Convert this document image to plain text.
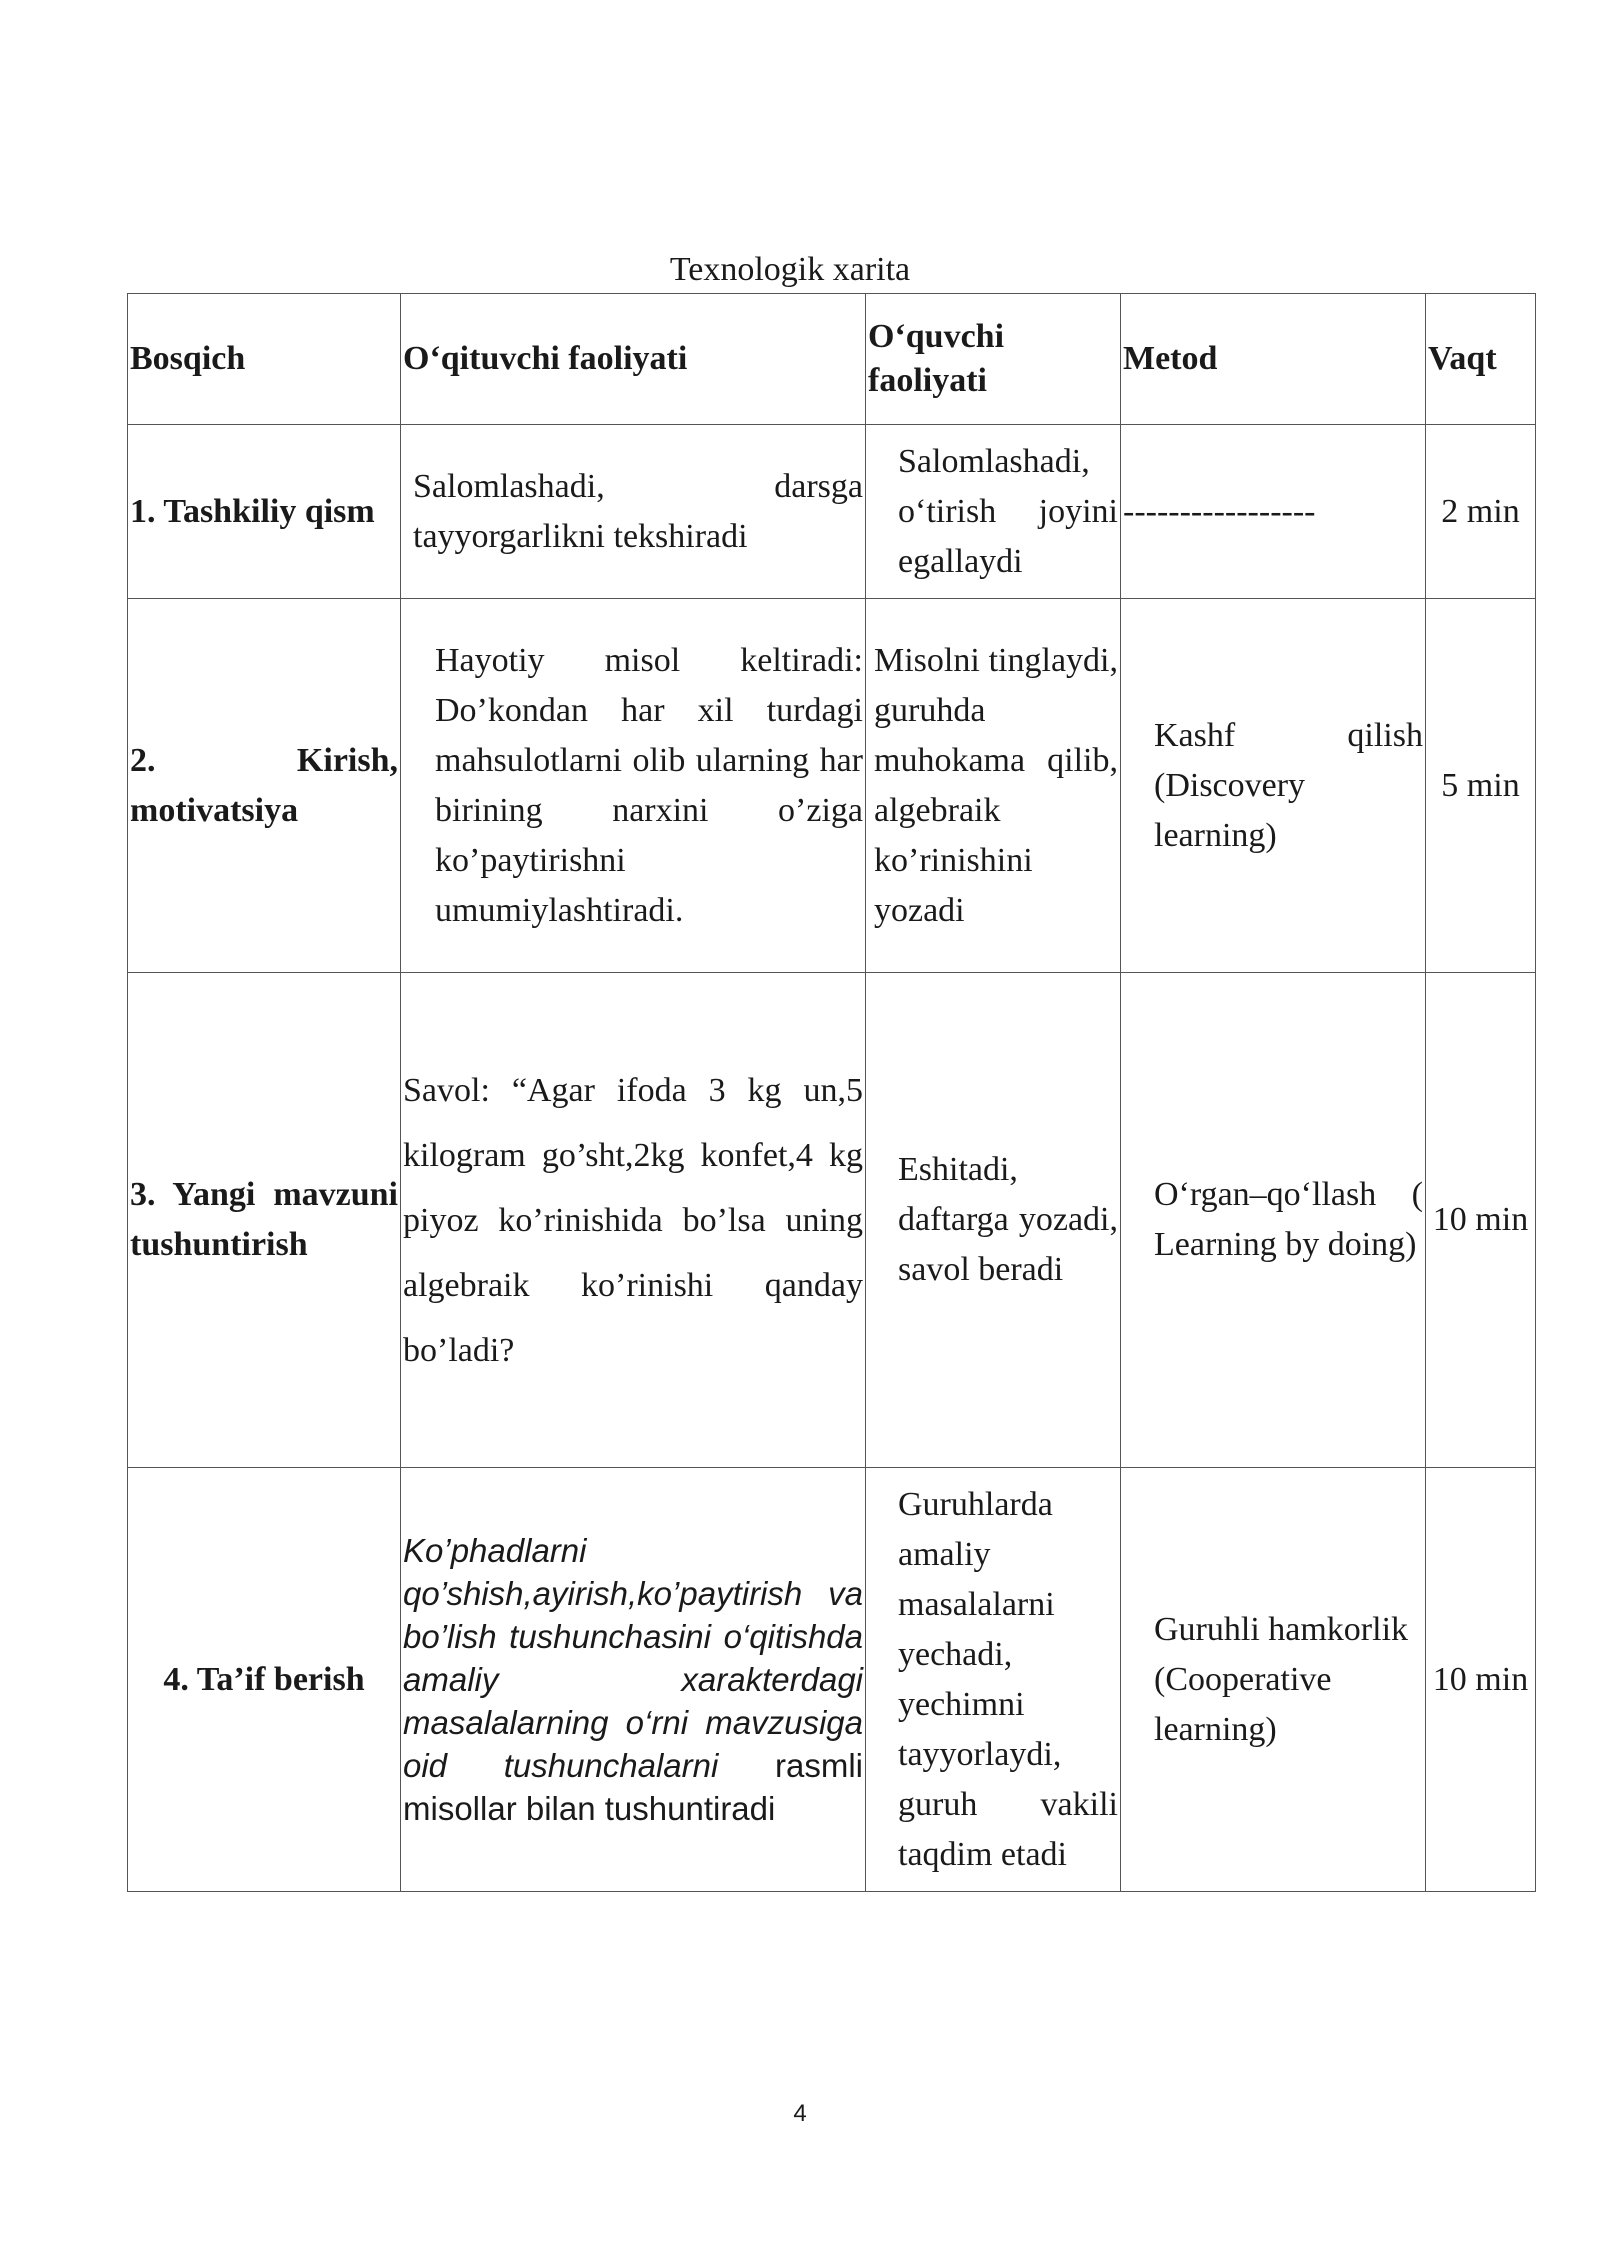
Texnologik xarita
Bosqich	O‘qituvchi faoliyati	O‘quvchi faoliyati	Metod	Vaqt
1. Tashkiliy qism	Salomlashadi, darsga tayyorgarlikni tekshiradi	Salomlashadi, o‘tirish joyini egallaydi	-----------------	2 min
2. Kirish, motivatsiya	Hayotiy misol keltiradi: Do’kondan har xil turdagi mahsulotlarni olib ularning har birining narxini o’ziga ko’paytirishni umumiylashtiradi.	Misolni tinglaydi, guruhda muhokama qilib, algebraik ko’rinishini yozadi	Kashf qilish (Discovery learning)	5 min
3. Yangi mavzuni tushuntirish	Savol: “Agar ifoda 3 kg un,5 kilogram go’sht,2kg konfet,4 kg piyoz ko’rinishida bo’lsa uning algebraik ko’rinishi qanday bo’ladi?	Eshitadi, daftarga yozadi, savol beradi	O‘rgan–qo‘llash ( Learning by doing)	10 min
4. Ta’if berish	Ko’phadlarni qo’shish,ayirish,ko’paytirish va bo’lish tushunchasini o‘qitishda amaliy xarakterdagi masalalarning o‘rni mavzusiga oid tushunchalarni rasmli misollar bilan tushuntiradi	Guruhlarda amaliy masalalarni yechadi, yechimni tayyorlaydi, guruh vakili taqdim etadi	Guruhli hamkorlik (Cooperative learning)	10 min
4
